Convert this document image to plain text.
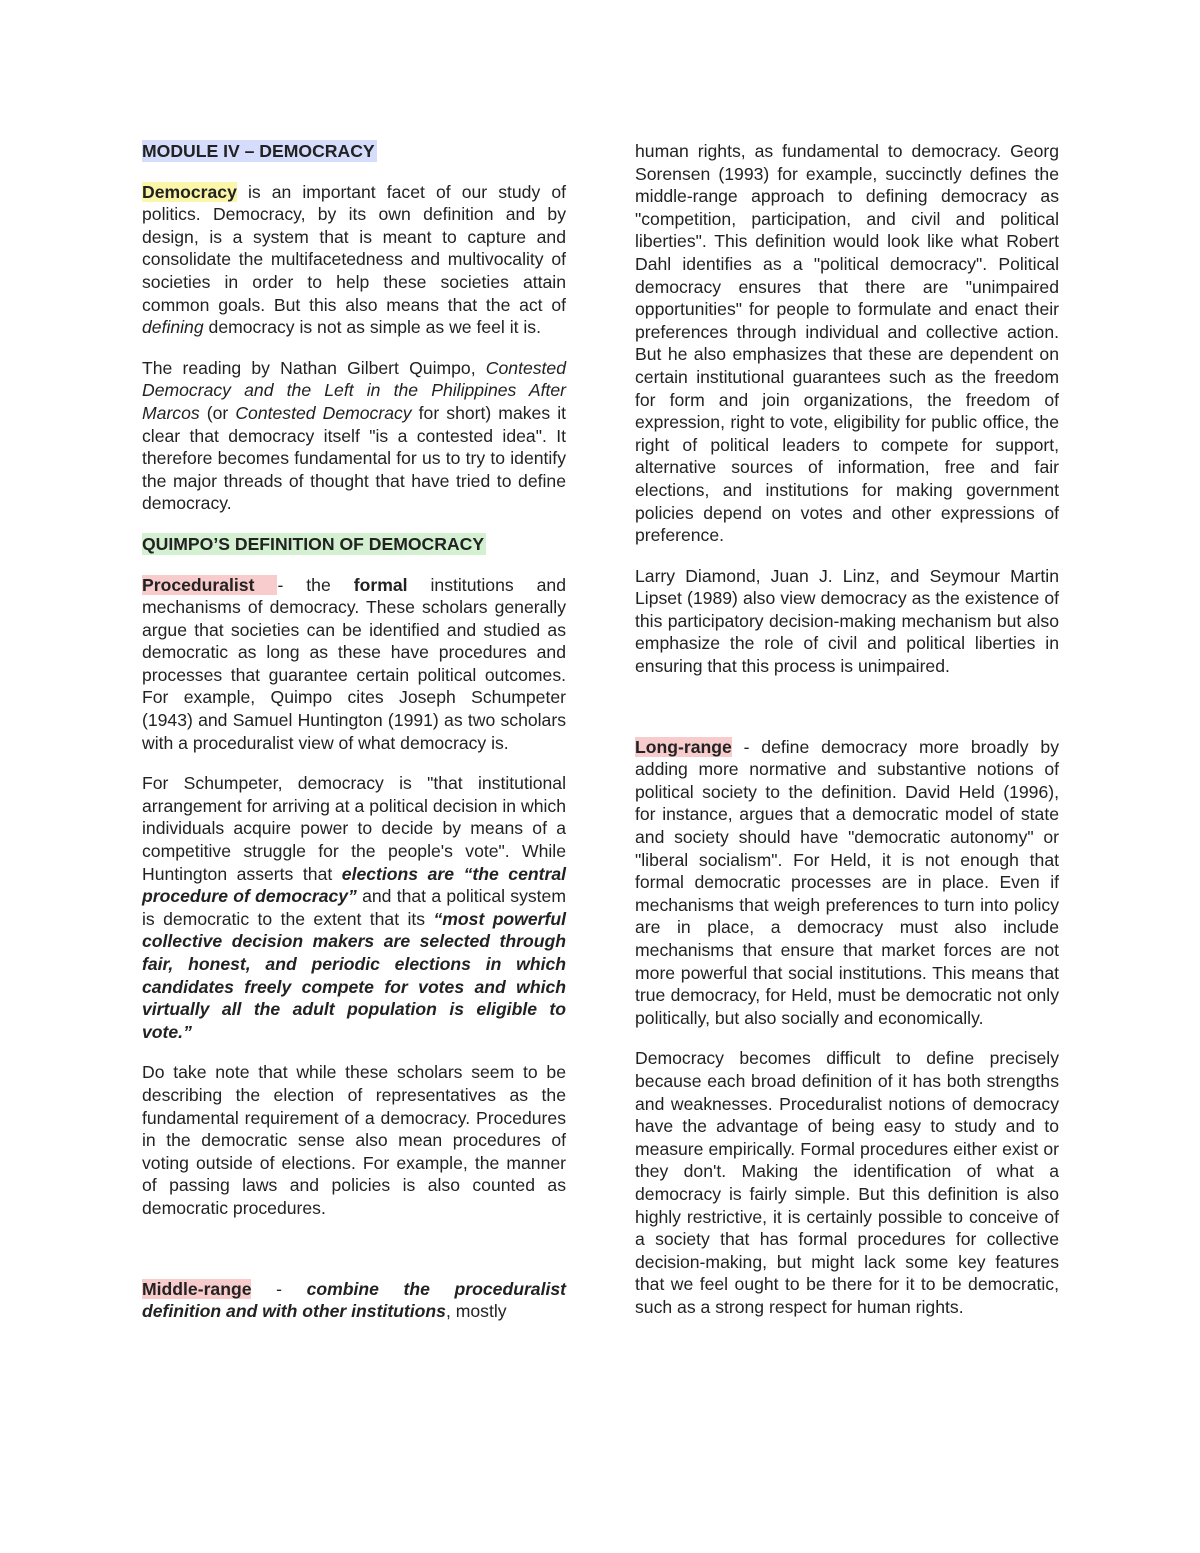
MODULE IV – DEMOCRACY

Democracy is an important facet of our study of politics. Democracy, by its own definition and by design, is a system that is meant to capture and consolidate the multifacetedness and multivocality of societies in order to help these societies attain common goals. But this also means that the act of defining democracy is not as simple as we feel it is.

The reading by Nathan Gilbert Quimpo, Contested Democracy and the Left in the Philippines After Marcos (or Contested Democracy for short) makes it clear that democracy itself "is a contested idea". It therefore becomes fundamental for us to try to identify the major threads of thought that have tried to define democracy.

QUIMPO’S DEFINITION OF DEMOCRACY

Proceduralist - the formal institutions and mechanisms of democracy. These scholars generally argue that societies can be identified and studied as democratic as long as these have procedures and processes that guarantee certain political outcomes. For example, Quimpo cites Joseph Schumpeter (1943) and Samuel Huntington (1991) as two scholars with a proceduralist view of what democracy is.

For Schumpeter, democracy is "that institutional arrangement for arriving at a political decision in which individuals acquire power to decide by means of a competitive struggle for the people's vote". While Huntington asserts that elections are “the central procedure of democracy” and that a political system is democratic to the extent that its “most powerful collective decision makers are selected through fair, honest, and periodic elections in which candidates freely compete for votes and which virtually all the adult population is eligible to vote.”

Do take note that while these scholars seem to be describing the election of representatives as the fundamental requirement of a democracy. Procedures in the democratic sense also mean procedures of voting outside of elections. For example, the manner of passing laws and policies is also counted as democratic procedures.

Middle-range - combine the proceduralist definition and with other institutions, mostly

human rights, as fundamental to democracy. Georg Sorensen (1993) for example, succinctly defines the middle-range approach to defining democracy as "competition, participation, and civil and political liberties". This definition would look like what Robert Dahl identifies as a "political democracy". Political democracy ensures that there are "unimpaired opportunities" for people to formulate and enact their preferences through individual and collective action. But he also emphasizes that these are dependent on certain institutional guarantees such as the freedom for form and join organizations, the freedom of expression, right to vote, eligibility for public office, the right of political leaders to compete for support, alternative sources of information, free and fair elections, and institutions for making government policies depend on votes and other expressions of preference.

Larry Diamond, Juan J. Linz, and Seymour Martin Lipset (1989) also view democracy as the existence of this participatory decision-making mechanism but also emphasize the role of civil and political liberties in ensuring that this process is unimpaired.

Long-range - define democracy more broadly by adding more normative and substantive notions of political society to the definition. David Held (1996), for instance, argues that a democratic model of state and society should have "democratic autonomy" or "liberal socialism". For Held, it is not enough that formal democratic processes are in place. Even if mechanisms that weigh preferences to turn into policy are in place, a democracy must also include mechanisms that ensure that market forces are not more powerful that social institutions. This means that true democracy, for Held, must be democratic not only politically, but also socially and economically.

Democracy becomes difficult to define precisely because each broad definition of it has both strengths and weaknesses. Proceduralist notions of democracy have the advantage of being easy to study and to measure empirically. Formal procedures either exist or they don't. Making the identification of what a democracy is fairly simple. But this definition is also highly restrictive, it is certainly possible to conceive of a society that has formal procedures for collective decision-making, but might lack some key features that we feel ought to be there for it to be democratic, such as a strong respect for human rights.
